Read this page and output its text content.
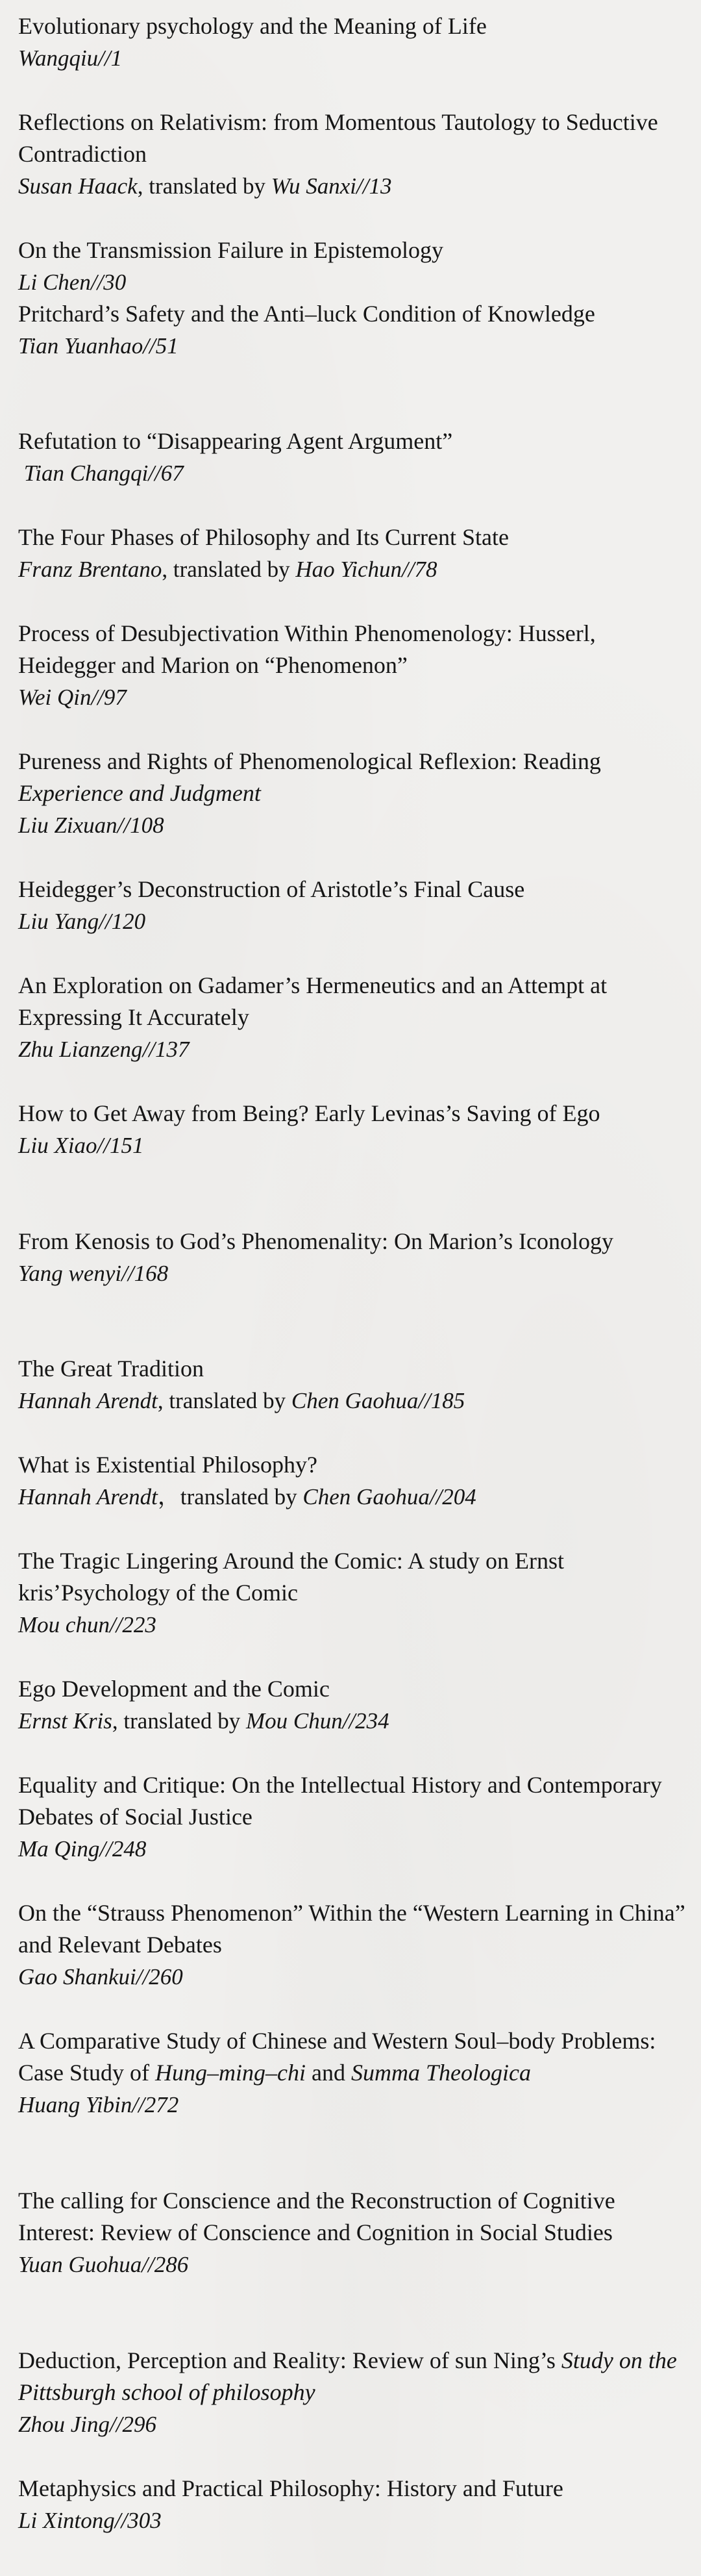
Evolutionary psychology and the Meaning of Life

Wangqiu//1

Reflections on Relativism: from Momentous Tautology to Seductive Contradiction

Susan Haack, translated by Wu Sanxi//13

On the Transmission Failure in Epistemology

Li Chen//30

Pritchard’s Safety and the Anti–luck Condition of Knowledge

Tian Yuanhao//51

Refutation to “Disappearing Agent Argument”

Tian Changqi//67

The Four Phases of Philosophy and Its Current State

Franz Brentano, translated by Hao Yichun//78

Process of Desubjectivation Within Phenomenology: Husserl, Heidegger and Marion on “Phenomenon”

Wei Qin//97

Pureness and Rights of Phenomenological Reflexion: Reading Experience and Judgment

Liu Zixuan//108

Heidegger’s Deconstruction of Aristotle’s Final Cause

Liu Yang//120

An Exploration on Gadamer’s Hermeneutics and an Attempt at Expressing It Accurately

Zhu Lianzeng//137

How to Get Away from Being? Early Levinas’s Saving of Ego

Liu Xiao//151

From Kenosis to God’s Phenomenality: On Marion’s Iconology

Yang wenyi//168

The Great Tradition

Hannah Arendt, translated by Chen Gaohua//185

What is Existential Philosophy?

Hannah Arendt，translated by Chen Gaohua//204

The Tragic Lingering Around the Comic: A study on Ernst kris’Psychology of the Comic

Mou chun//223

Ego Development and the Comic

Ernst Kris, translated by Mou Chun//234

Equality and Critique: On the Intellectual History and Contemporary Debates of Social Justice

Ma Qing//248

On the “Strauss Phenomenon” Within the “Western Learning in China” and Relevant Debates

Gao Shankui//260

A Comparative Study of Chinese and Western Soul–body Problems: Case Study of Hung–ming–chi and Summa Theologica

Huang Yibin//272

The calling for Conscience and the Reconstruction of Cognitive Interest: Review of Conscience and Cognition in Social Studies

Yuan Guohua//286

Deduction, Perception and Reality: Review of sun Ning’s Study on the Pittsburgh school of philosophy

Zhou Jing//296

Metaphysics and Practical Philosophy: History and Future

Li Xintong//303
